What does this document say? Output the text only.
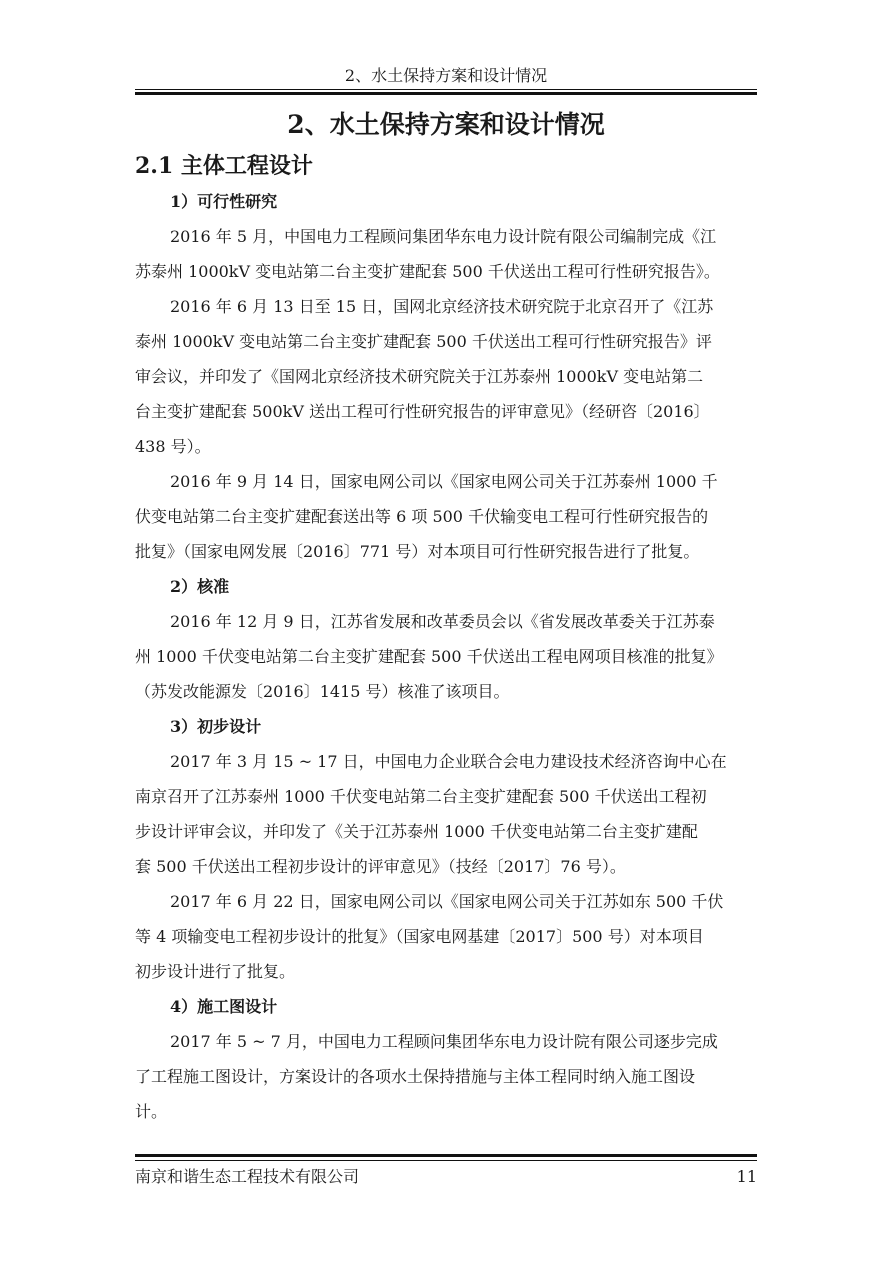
2、水土保持方案和设计情况
2、水土保持方案和设计情况
2.1 主体工程设计
1）可行性研究

2016 年 5 月，中国电力工程顾问集团华东电力设计院有限公司编制完成《江
苏泰州 1000kV 变电站第二台主变扩建配套 500 千伏送出工程可行性研究报告》。

2016 年 6 月 13 日至 15 日，国网北京经济技术研究院于北京召开了《江苏
泰州 1000kV 变电站第二台主变扩建配套 500 千伏送出工程可行性研究报告》评
审会议，并印发了《国网北京经济技术研究院关于江苏泰州 1000kV 变电站第二
台主变扩建配套 500kV 送出工程可行性研究报告的评审意见》（经研咨〔2016〕
438 号）。

2016 年 9 月 14 日，国家电网公司以《国家电网公司关于江苏泰州 1000 千
伏变电站第二台主变扩建配套送出等 6 项 500 千伏输变电工程可行性研究报告的
批复》（国家电网发展〔2016〕771 号）对本项目可行性研究报告进行了批复。

2）核准

2016 年 12 月 9 日，江苏省发展和改革委员会以《省发展改革委关于江苏泰
州 1000 千伏变电站第二台主变扩建配套 500 千伏送出工程电网项目核准的批复》
（苏发改能源发〔2016〕1415 号）核准了该项目。

3）初步设计

2017 年 3 月 15 ~ 17 日，中国电力企业联合会电力建设技术经济咨询中心在
南京召开了江苏泰州 1000 千伏变电站第二台主变扩建配套 500 千伏送出工程初
步设计评审会议，并印发了《关于江苏泰州 1000 千伏变电站第二台主变扩建配
套 500 千伏送出工程初步设计的评审意见》（技经〔2017〕76 号）。

2017 年 6 月 22 日，国家电网公司以《国家电网公司关于江苏如东 500 千伏
等 4 项输变电工程初步设计的批复》（国家电网基建〔2017〕500 号）对本项目
初步设计进行了批复。

4）施工图设计

2017 年 5 ~ 7 月，中国电力工程顾问集团华东电力设计院有限公司逐步完成
了工程施工图设计，方案设计的各项水土保持措施与主体工程同时纳入施工图设
计。

南京和谐生态工程技术有限公司	11
